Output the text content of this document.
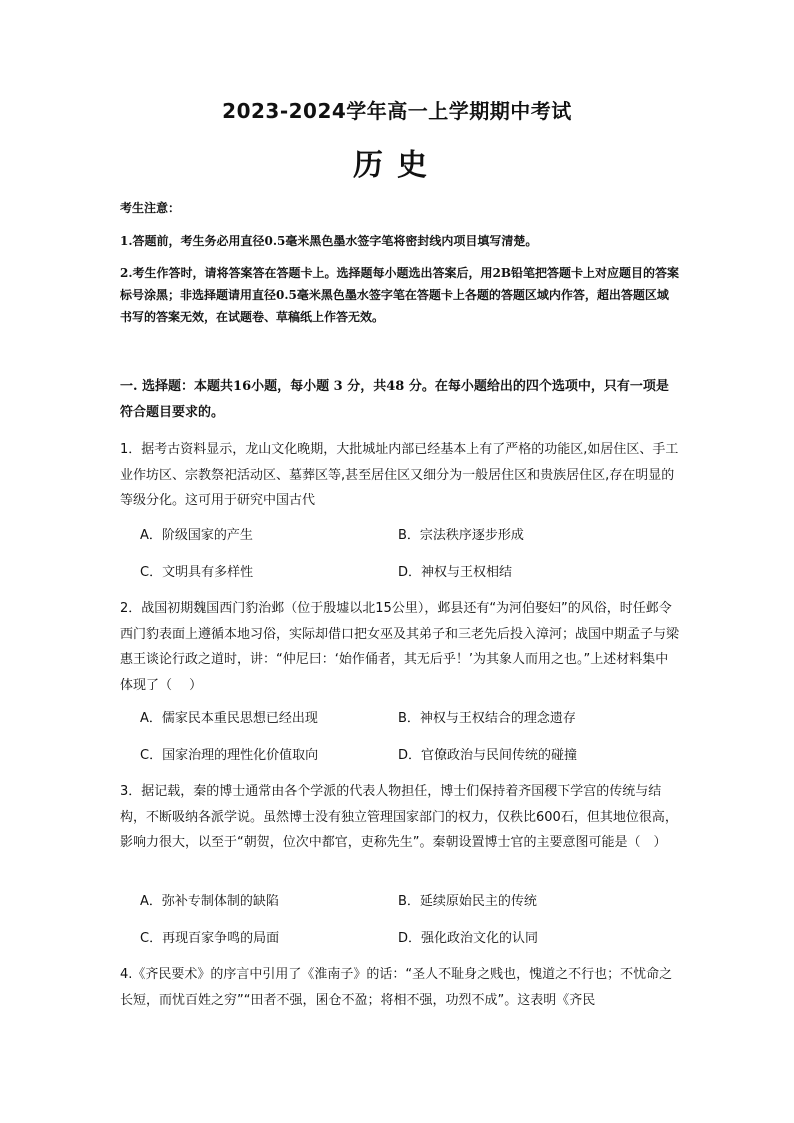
2023-2024学年高一上学期期中考试
历史
考生注意：

1.答题前，考生务必用直径0.5毫米黑色墨水签字笔将密封线内项目填写清楚。

2.考生作答时，请将答案答在答题卡上。选择题每小题选出答案后，用2B铅笔把答题卡上对应题目的答案标号涂黑；非选择题请用直径0.5毫米黑色墨水签字笔在答题卡上各题的答题区域内作答，超出答题区域书写的答案无效，在试题卷、草稿纸上作答无效。

一. 选择题：本题共16小题，每小题 3 分，共48 分。在每小题给出的四个选项中，只有一项是符合题目要求的。

1．据考古资料显示，龙山文化晚期，大批城址内部已经基本上有了严格的功能区,如居住区、手工业作坊区、宗教祭祀活动区、墓葬区等,甚至居住区又细分为一般居住区和贵族居住区,存在明显的等级分化。这可用于研究中国古代

A．阶级国家的产生	B．宗法秩序逐步形成
C．文明具有多样性	D．神权与王权相结

2．战国初期魏国西门豹治邺（位于殷墟以北15公里），邺县还有“为河伯娶妇”的风俗，时任邺令西门豹表面上遵循本地习俗，实际却借口把女巫及其弟子和三老先后投入漳河；战国中期孟子与梁惠王谈论行政之道时，讲：“仲尼曰：‘始作俑者，其无后乎！’为其象人而用之也。”上述材料集中体现了（　 ）

A．儒家民本重民思想已经出现	B．神权与王权结合的理念遗存
C．国家治理的理性化价值取向	D．官僚政治与民间传统的碰撞

3．据记载，秦的博士通常由各个学派的代表人物担任，博士们保持着齐国稷下学宫的传统与结构，不断吸纳各派学说。虽然博士没有独立管理国家部门的权力，仅秩比600石，但其地位很高，影响力很大，以至于“朝贺，位次中都官，吏称先生”。秦朝设置博士官的主要意图可能是（　）

A．弥补专制体制的缺陷	B．延续原始民主的传统
C．再现百家争鸣的局面	D．强化政治文化的认同

4.《齐民要术》的序言中引用了《淮南子》的话：“圣人不耻身之贱也，愧道之不行也；不忧命之长短，而忧百姓之穷”“田者不强，囷仓不盈；将相不强，功烈不成”。这表明《齐民
